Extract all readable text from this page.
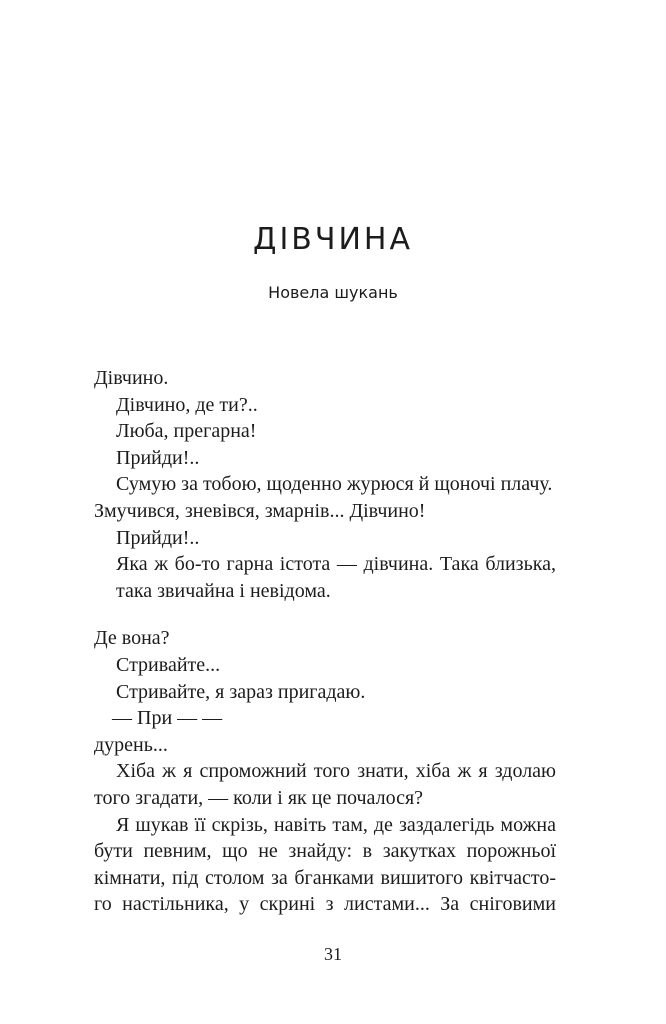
ДІВЧИНА
Новела шукань

Дівчино.

Дівчино, де ти?..

Люба, прегарна!

Прийди!..

Сумую за тобою, щоденно журюся й щоночі плачу.

Змучився, зневівся, змарнів... Дівчино!

Прийди!..

Яка ж бо-то гарна істота — дівчина. Така близька,

така звичайна і невідома.

Де вона?

Стривайте...

Стривайте, я зараз пригадаю.

— При — —

дурень...

Хіба ж я спроможний того знати, хіба ж я здолаю

того згадати, — коли і як це почалося?

Я шукав її скрізь, навіть там, де заздалегідь можна

бути певним, що не знайду: в закутках порожньої

кімнати, під столом за бганками вишитого квітчасто-

го настільника, у скрині з листами... За сніговими

31
